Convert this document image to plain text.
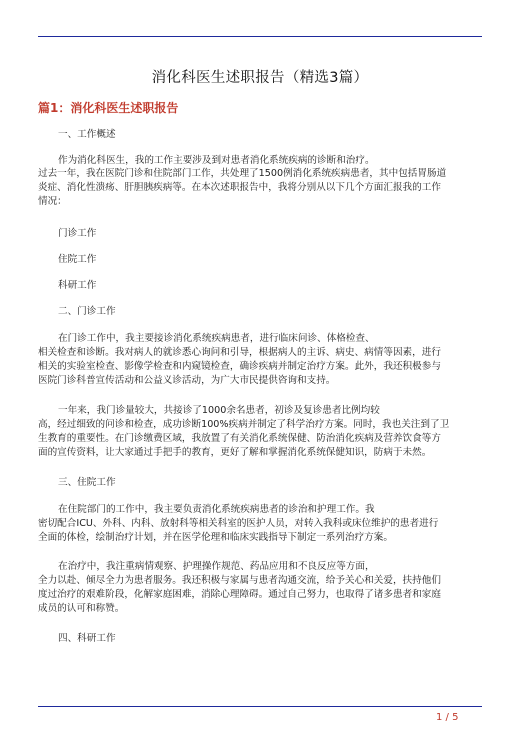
消化科医生述职报告（精选3篇）
篇1：消化科医生述职报告
一、工作概述
作为消化科医生，我的工作主要涉及到对患者消化系统疾病的诊断和治疗。
过去一年，我在医院门诊和住院部门工作，共处理了1500例消化系统疾病患者，其中包括胃肠道
炎症、消化性溃疡、肝胆胰疾病等。在本次述职报告中，我将分别从以下几个方面汇报我的工作
情况：
门诊工作
住院工作
科研工作
二、门诊工作
在门诊工作中，我主要接诊消化系统疾病患者，进行临床问诊、体格检查、
相关检查和诊断。我对病人的就诊悉心询问和引导，根据病人的主诉、病史、病情等因素，进行
相关的实验室检查、影像学检查和内窥镜检查，确诊疾病并制定治疗方案。此外，我还积极参与
医院门诊科普宣传活动和公益义诊活动，为广大市民提供咨询和支持。
一年来，我门诊量较大，共接诊了1000余名患者，初诊及复诊患者比例均较
高，经过细致的问诊和检查，成功诊断100%疾病并制定了科学治疗方案。同时，我也关注到了卫
生教育的重要性。在门诊缴费区域，我放置了有关消化系统保健、防治消化疾病及营养饮食等方
面的宣传资料，让大家通过手把手的教育，更好了解和掌握消化系统保健知识，防病于未然。
三、住院工作
在住院部门的工作中，我主要负责消化系统疾病患者的诊治和护理工作。我
密切配合ICU、外科、内科、放射科等相关科室的医护人员，对转入我科或床位维护的患者进行
全面的体检，绘制治疗计划，并在医学伦理和临床实践指导下制定一系列治疗方案。
在治疗中，我注重病情观察、护理操作规范、药品应用和不良反应等方面，
全力以赴、倾尽全力为患者服务。我还积极与家属与患者沟通交流，给予关心和关爱，扶持他们
度过治疗的艰难阶段，化解家庭困难，消除心理障碍。通过自己努力，也取得了诸多患者和家庭
成员的认可和称赞。
四、科研工作
1 / 5
